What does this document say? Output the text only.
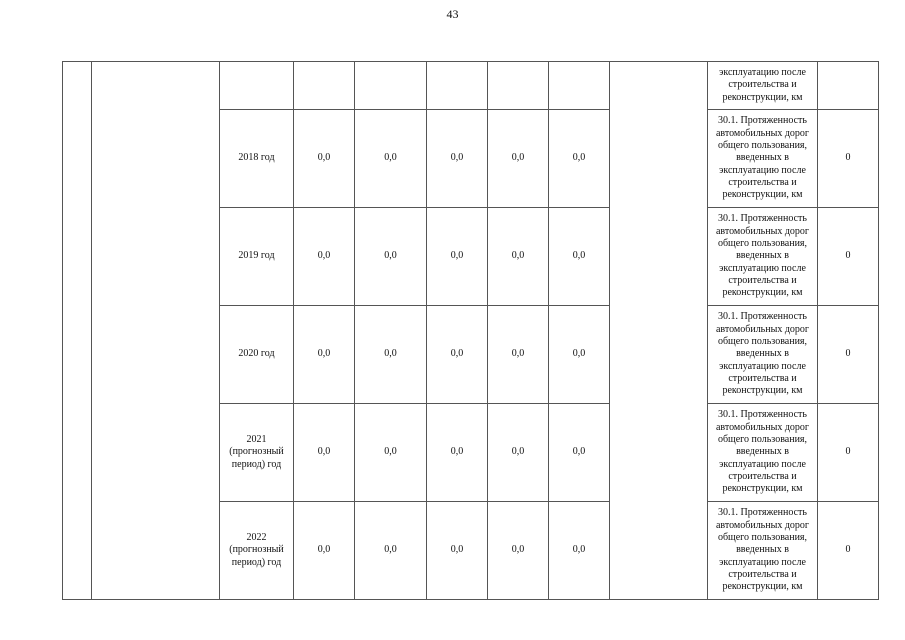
43
									эксплуатацию после строительства и реконструкции, км	
		2018 год	0,0	0,0	0,0	0,0	0,0		30.1. Протяженность автомобильных дорог общего пользования, введенных в эксплуатацию после строительства и реконструкции, км	0
		2019 год	0,0	0,0	0,0	0,0	0,0		30.1. Протяженность автомобильных дорог общего пользования, введенных в эксплуатацию после строительства и реконструкции, км	0
		2020 год	0,0	0,0	0,0	0,0	0,0		30.1. Протяженность автомобильных дорог общего пользования, введенных в эксплуатацию после строительства и реконструкции, км	0
		2021 (прогнозный период) год	0,0	0,0	0,0	0,0	0,0		30.1. Протяженность автомобильных дорог общего пользования, введенных в эксплуатацию после строительства и реконструкции, км	0
		2022 (прогнозный период) год	0,0	0,0	0,0	0,0	0,0		30.1. Протяженность автомобильных дорог общего пользования, введенных в эксплуатацию после строительства и реконструкции, км	0
